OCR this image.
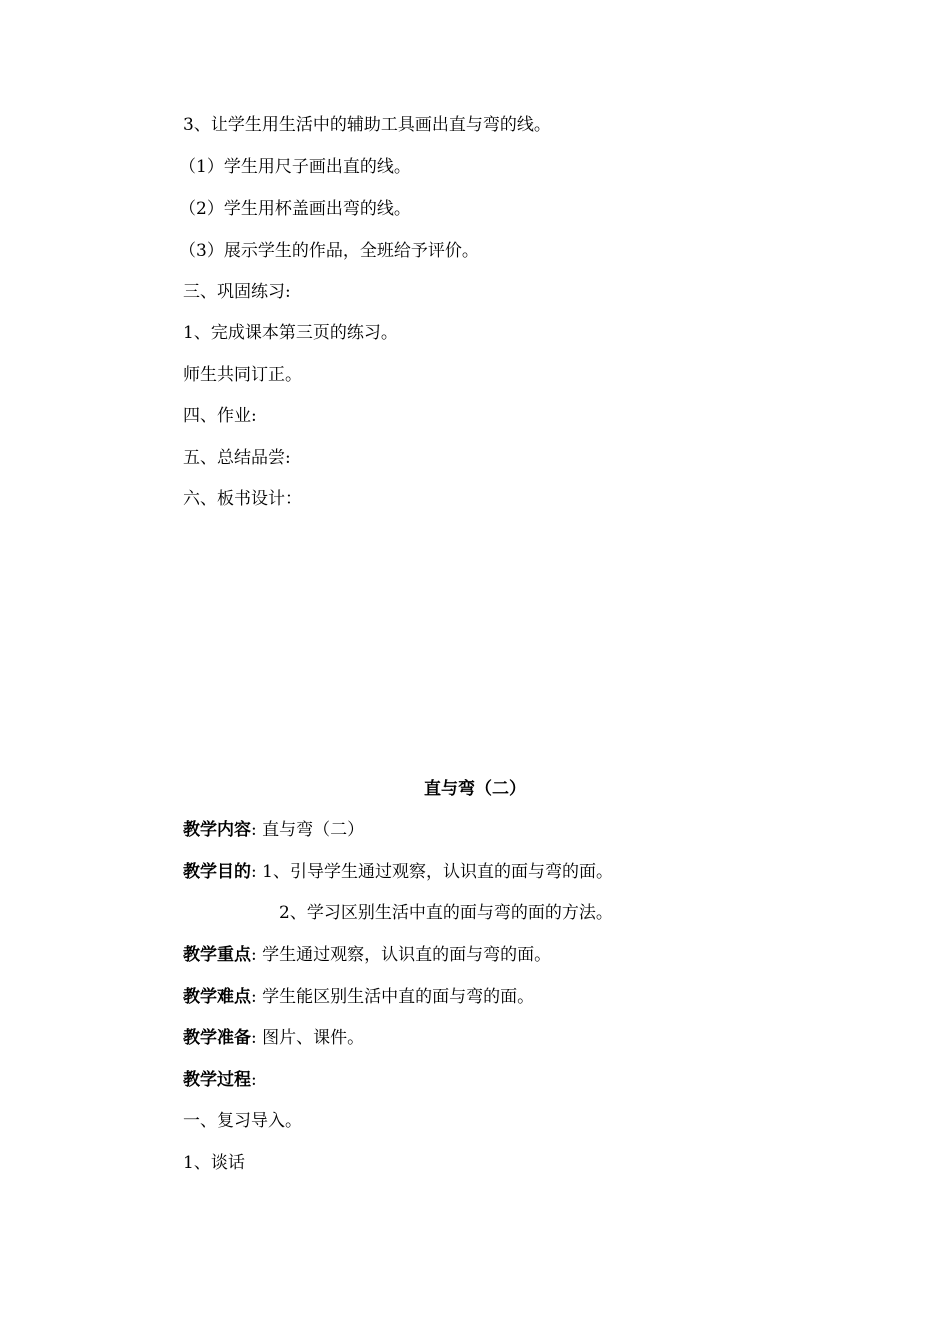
3、让学生用生活中的辅助工具画出直与弯的线。
（1）学生用尺子画出直的线。
（2）学生用杯盖画出弯的线。
（3）展示学生的作品，全班给予评价。
三、巩固练习:
1、完成课本第三页的练习。
师生共同订正。
四、作业:
五、总结品尝:
六、板书设计：
直与弯（二）
教学内容: 直与弯（二）
教学目的: 1、引导学生通过观察，认识直的面与弯的面。
2、学习区别生活中直的面与弯的面的方法。
教学重点: 学生通过观察，认识直的面与弯的面。
教学难点: 学生能区别生活中直的面与弯的面。
教学准备: 图片、课件。
教学过程:
一、复习导入。
1、谈话
